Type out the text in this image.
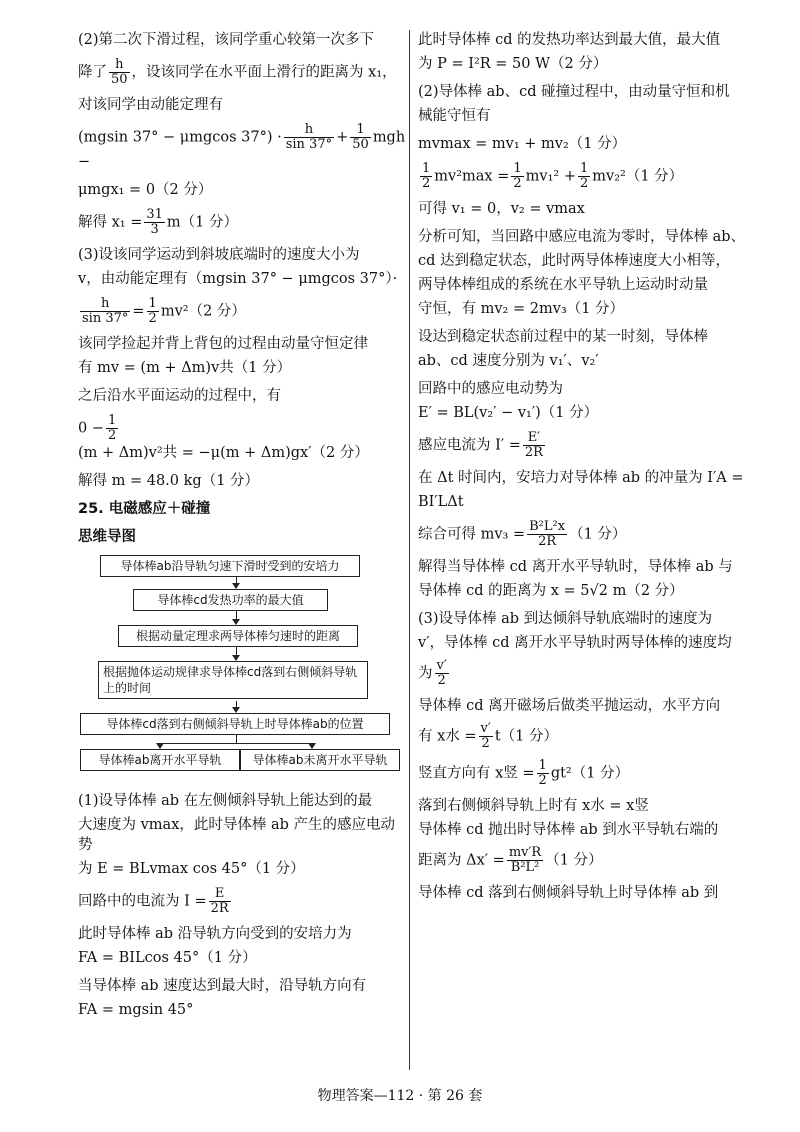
(2)第二次下滑过程，该同学重心较第一次多下

降了 $\frac{h}{50}$ ，设该同学在水平面上滑行的距离为 x₁，

对该同学由动能定理有

(mgsin 37° − μmgcos $37^\circ) \cdot \frac{h}{\sin 37^\circ} + \frac{1}{50}$ mgh −

μmgx₁ = 0（2 分）

解得 $x_1 = \frac{31}{3} m(1$ 分）

(3)设该同学运动到斜坡底端时的速度大小为

v，由动能定理有（mgsin 37° − μmgcos 37°）·

$\frac{h}{\sin 37^\circ} = \frac{1}{2} mv^2(2$ 分）

该同学捡起并背上背包的过程由动量守恒定律

有 mv = (m + Δm)v共（1 分）

之后沿水平面运动的过程中，有

$0 - \frac{1}{2}$
(m + Δm)v²共 = −μ(m + Δm)gx′（2 分）

解得 m = 48.0 kg（1 分）

25. 电磁感应＋碰撞

思维导图

导体棒ab沿导轨匀速下滑时受到的安培力
导体棒cd发热功率的最大值
根据动量定理求两导体棒匀速时的距离
根据抛体运动规律求导体棒cd落到右侧倾斜导轨上的时间
导体棒cd落到右侧倾斜导轨上时导体棒ab的位置
导体棒ab离开水平导轨	导体棒ab未离开水平导轨

(1)设导体棒 ab 在左侧倾斜导轨上能达到的最

大速度为 vmax，此时导体棒 ab 产生的感应电动势

为 E = BLvmax cos 45°（1 分）

回路中的电流为 $I = \frac{E}{2R}$

此时导体棒 ab 沿导轨方向受到的安培力为

FA = BILcos 45°（1 分）

当导体棒 ab 速度达到最大时，沿导轨方向有

FA = mgsin 45°

此时导体棒 cd 的发热功率达到最大值，最大值

为 P = I²R = 50 W（2 分）

(2)导体棒 ab、cd 碰撞过程中，由动量守恒和机

械能守恒有

mvmax = mv₁ + mv₂（1 分）

$\frac{1}{2} mv^2\max = \frac{1}{2} mv_1^2 + \frac{1}{2} mv_2^2(1$ 分）

可得 v₁ = 0，v₂ = vmax

分析可知，当回路中感应电流为零时，导体棒 ab、

cd 达到稳定状态，此时两导体棒速度大小相等，

两导体棒组成的系统在水平导轨上运动时动量

守恒，有 mv₂ = 2mv₃（1 分）

设达到稳定状态前过程中的某一时刻，导体棒

ab、cd 速度分别为 v₁′、v₂′

回路中的感应电动势为

E′ = BL(v₂′ − v₁′)（1 分）

感应电流为 $I' = \frac{E'}{2R}$

在 Δt 时间内，安培力对导体棒 ab 的冲量为 I′A =

BI′LΔt

综合可得 $mv_3 = \frac{\text{B²L²x}}{2R} (1$ 分）

解得当导体棒 cd 离开水平导轨时，导体棒 ab 与

导体棒 cd 的距离为 x = 5√2 m（2 分）

(3)设导体棒 ab 到达倾斜导轨底端时的速度为

v′，导体棒 cd 离开水平导轨时两导体棒的速度均

为 $\frac{v'}{2}$

导体棒 cd 离开磁场后做类平抛运动，水平方向

有 x水 = $\frac{v'}{2} t(1$ 分）

竖直方向有 x竖 = $\frac{1}{2} gt^2(1$ 分）

落到右侧倾斜导轨上时有 x水 = x竖

导体棒 cd 抛出时导体棒 ab 到水平导轨右端的

距离为 $\Delta x' = \frac{mv'R}{\text{B²L²}} (1$ 分）

导体棒 cd 落到右侧倾斜导轨上时导体棒 ab 到

物理答案—112 · 第 26 套
